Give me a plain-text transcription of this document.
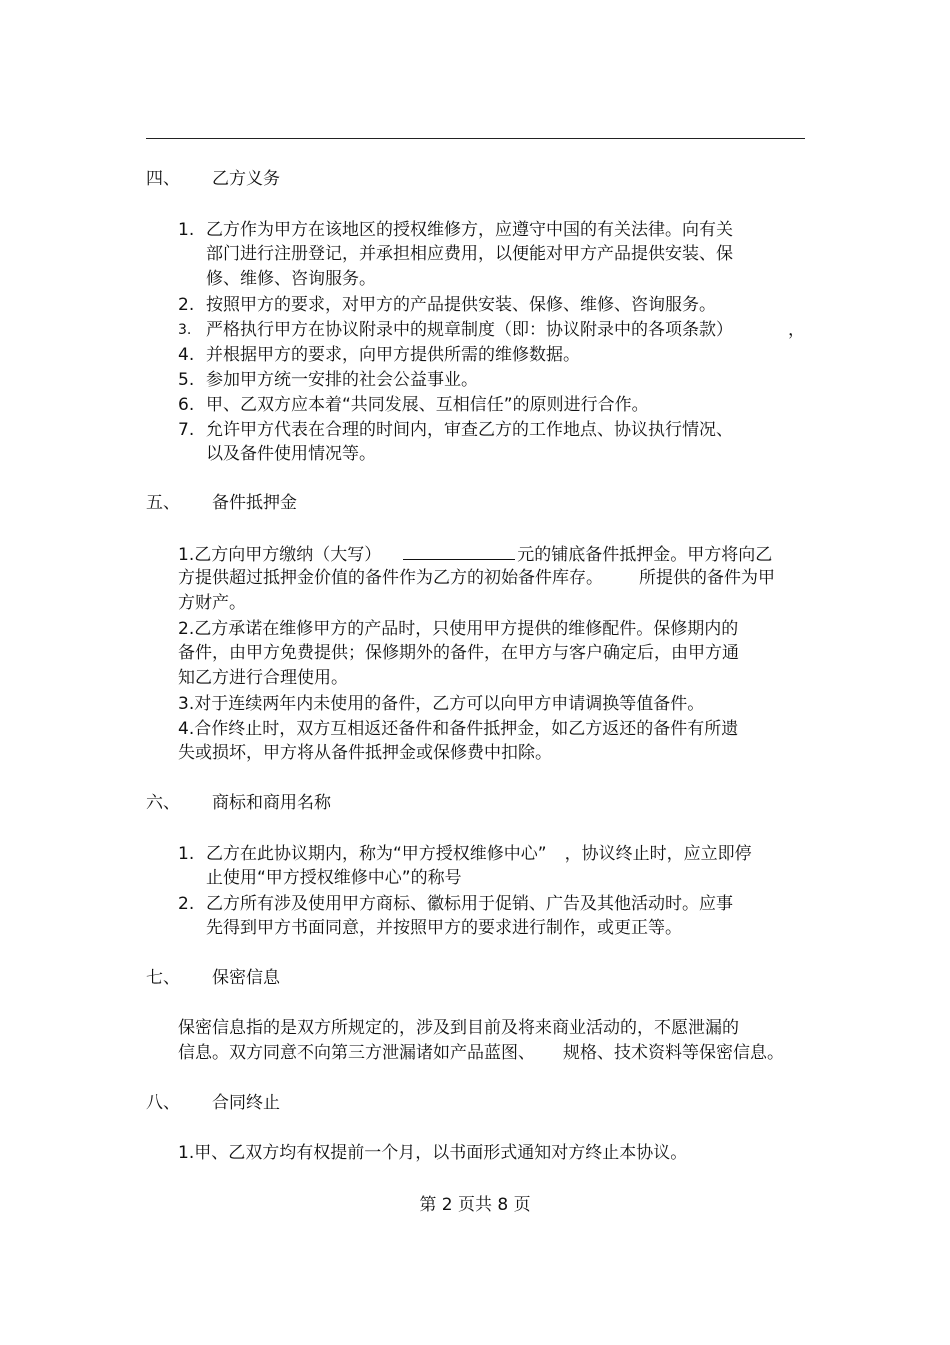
四、 乙方义务
1. 乙方作为甲方在该地区的授权维修方，应遵守中国的有关法律。向有关
部门进行注册登记，并承担相应费用，以便能对甲方产品提供安装、保
修、维修、咨询服务。
2. 按照甲方的要求，对甲方的产品提供安装、保修、维修、咨询服务。
3. 严格执行甲方在协议附录中的规章制度（即：协议附录中的各项条款）	，
4. 并根据甲方的要求，向甲方提供所需的维修数据。
5. 参加甲方统一安排的社会公益事业。
6. 甲、乙双方应本着“共同发展、互相信任”的原则进行合作。
7. 允许甲方代表在合理的时间内，审查乙方的工作地点、协议执行情况、
以及备件使用情况等。
五、 备件抵押金
1.乙方向甲方缴纳（大写）	元的铺底备件抵押金。甲方将向乙
方提供超过抵押金价值的备件作为乙方的初始备件库存。 所提供的备件为甲
方财产。
2.乙方承诺在维修甲方的产品时，只使用甲方提供的维修配件。保修期内的
备件，由甲方免费提供；保修期外的备件，在甲方与客户确定后，由甲方通
知乙方进行合理使用。
3.对于连续两年内未使用的备件，乙方可以向甲方申请调换等值备件。
4.合作终止时，双方互相返还备件和备件抵押金，如乙方返还的备件有所遗
失或损坏，甲方将从备件抵押金或保修费中扣除。
六、 商标和商用名称
1. 乙方在此协议期内，称为“甲方授权维修中心” ，协议终止时，应立即停
止使用“甲方授权维修中心”的称号
2. 乙方所有涉及使用甲方商标、徽标用于促销、广告及其他活动时。应事
先得到甲方书面同意，并按照甲方的要求进行制作，或更正等。
七、 保密信息
保密信息指的是双方所规定的，涉及到目前及将来商业活动的，不愿泄漏的
信息。双方同意不向第三方泄漏诸如产品蓝图、 规格、技术资料等保密信息。
八、 合同终止
1.甲、乙双方均有权提前一个月，以书面形式通知对方终止本协议。
第 2 页共 8 页
